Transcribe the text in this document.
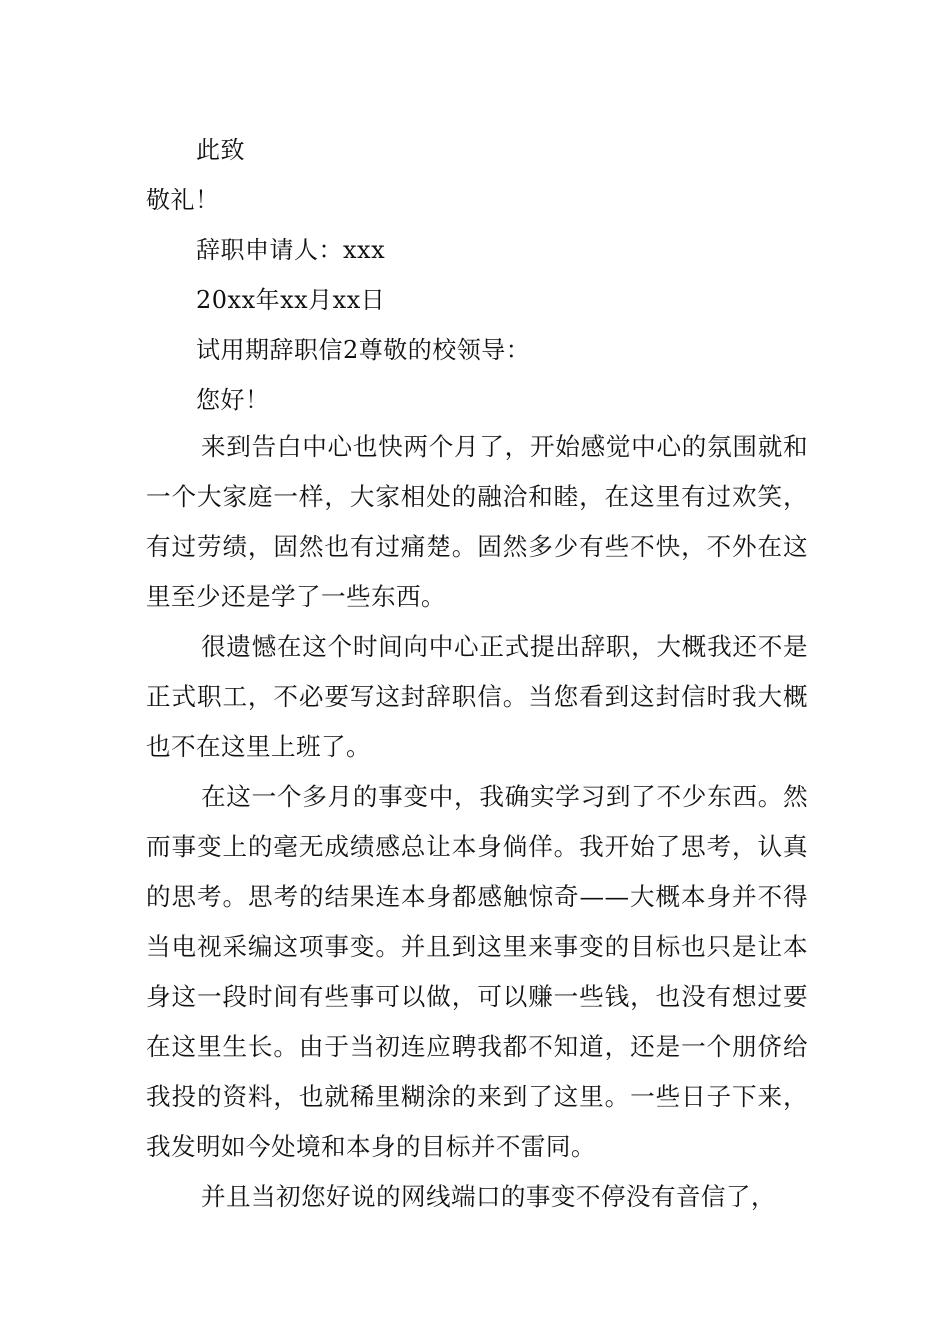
此致
敬礼！
辞职申请人：xxx
20xx年xx月xx日
试用期辞职信2尊敬的校领导：
您好！

来到告白中心也快两个月了，开始感觉中心的氛围就和一个大家庭一样，大家相处的融洽和睦，在这里有过欢笑，有过劳绩，固然也有过痛楚。固然多少有些不快，不外在这里至少还是学了一些东西。

很遗憾在这个时间向中心正式提出辞职，大概我还不是正式职工，不必要写这封辞职信。当您看到这封信时我大概也不在这里上班了。

在这一个多月的事变中，我确实学习到了不少东西。然而事变上的毫无成绩感总让本身倘佯。我开始了思考，认真的思考。思考的结果连本身都感触惊奇——大概本身并不得当电视采编这项事变。并且到这里来事变的目标也只是让本身这一段时间有些事可以做，可以赚一些钱，也没有想过要在这里生长。由于当初连应聘我都不知道，还是一个朋侪给我投的资料，也就稀里糊涂的来到了这里。一些日子下来，我发明如今处境和本身的目标并不雷同。

并且当初您好说的网线端口的事变不停没有音信了，
